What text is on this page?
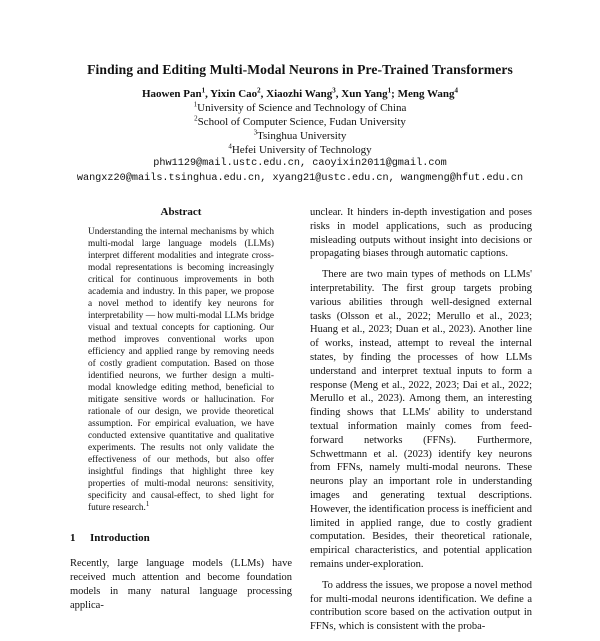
Finding and Editing Multi-Modal Neurons in Pre-Trained Transformers
Haowen Pan$^1$, Yixin Cao$^2$, Xiaozhi Wang$^3$, Xun Yang$^1$; Meng Wang$^4$
$^1$University of Science and Technology of China
$^2$School of Computer Science, Fudan University
$^3$Tsinghua University
$^4$Hefei University of Technology
phw1129@mail.ustc.edu.cn, caoyixin2011@gmail.com
wangxz20@mails.tsinghua.edu.cn, xyang21@ustc.edu.cn, wangmeng@hfut.edu.cn
Abstract
Understanding the internal mechanisms by which multi-modal large language models (LLMs) interpret different modalities and integrate cross-modal representations is becoming increasingly critical for continuous improvements in both academia and industry. In this paper, we propose a novel method to identify key neurons for interpretability — how multi-modal LLMs bridge visual and textual concepts for captioning. Our method improves conventional works upon efficiency and applied range by removing needs of costly gradient computation. Based on those identified neurons, we further design a multi-modal knowledge editing method, beneficial to mitigate sensitive words or hallucination. For rationale of our design, we provide theoretical assumption. For empirical evaluation, we have conducted extensive quantitative and qualitative experiments. The results not only validate the effectiveness of our methods, but also offer insightful findings that highlight three key properties of multi-modal neurons: sensitivity, specificity and causal-effect, to shed light for future research.$^1$
1 Introduction
Recently, large language models (LLMs) have received much attention and become foundation models in many natural language processing applica-

unclear. It hinders in-depth investigation and poses risks in model applications, such as producing misleading outputs without insight into decisions or propagating biases through automatic captions.

There are two main types of methods on LLMs' interpretability. The first group targets probing various abilities through well-designed external tasks (Olsson et al., 2022; Merullo et al., 2023; Huang et al., 2023; Duan et al., 2023). Another line of works, instead, attempt to reveal the internal states, by finding the processes of how LLMs understand and interpret textual inputs to form a response (Meng et al., 2022, 2023; Dai et al., 2022; Merullo et al., 2023). Among them, an interesting finding shows that LLMs' ability to understand textual information mainly comes from feed-forward networks (FFNs). Furthermore, Schwettmann et al. (2023) identify key neurons from FFNs, namely multi-modal neurons. These neurons play an important role in understanding images and generating textual descriptions. However, the identification process is inefficient and limited in applied range, due to costly gradient computation. Besides, their theoretical rationale, empirical characteristics, and potential application remains under-exploration.

To address the issues, we propose a novel method for multi-modal neurons identification. We define a contribution score based on the activation output in FFNs, which is consistent with the proba-
